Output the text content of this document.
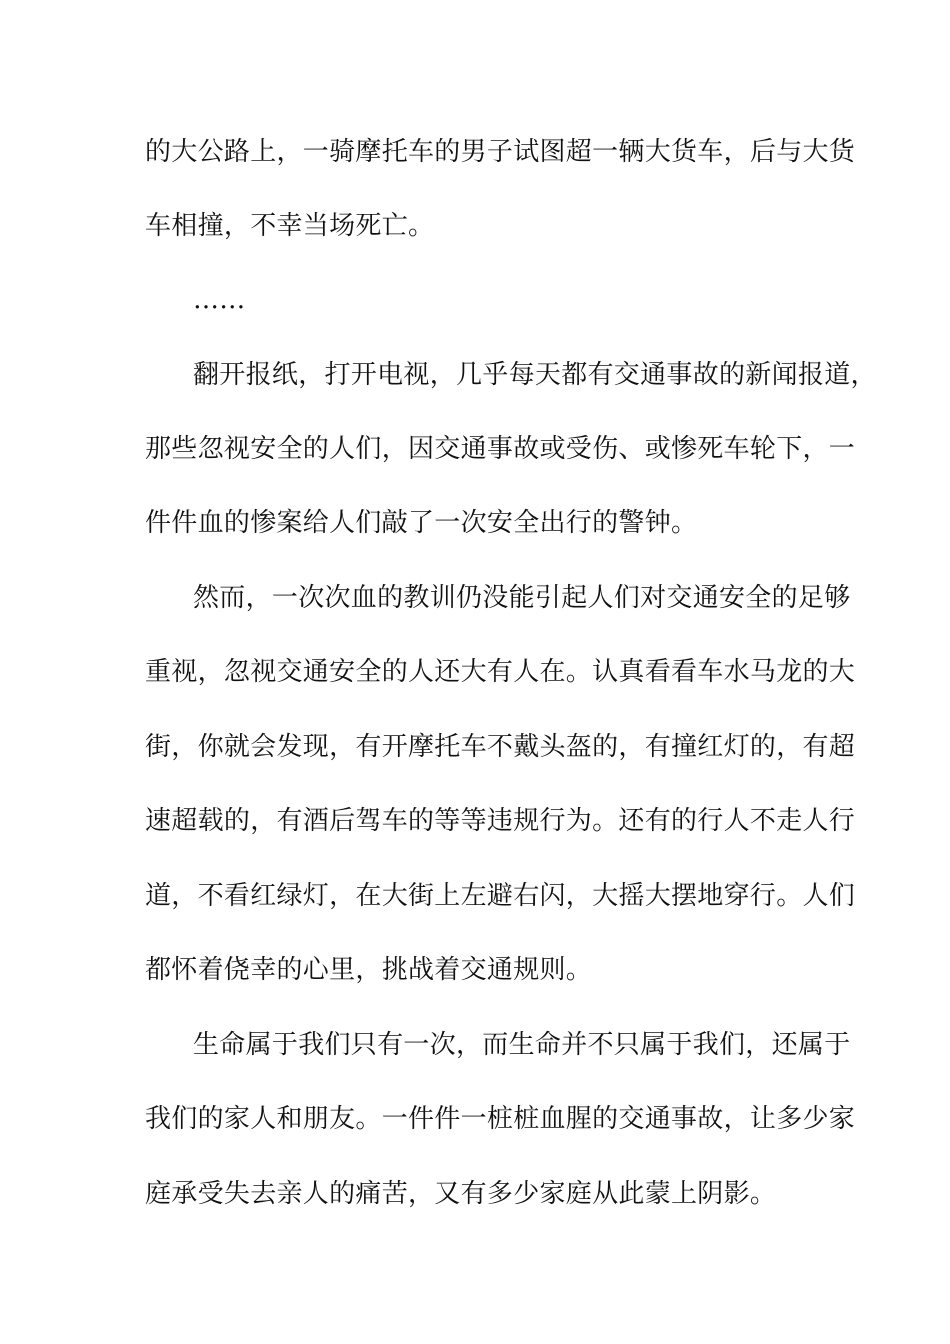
的大公路上，一骑摩托车的男子试图超一辆大货车，后与大货
车相撞，不幸当场死亡。
……
翻开报纸，打开电视，几乎每天都有交通事故的新闻报道，
那些忽视安全的人们，因交通事故或受伤、或惨死车轮下，一
件件血的惨案给人们敲了一次安全出行的警钟。
然而，一次次血的教训仍没能引起人们对交通安全的足够
重视，忽视交通安全的人还大有人在。认真看看车水马龙的大
街，你就会发现，有开摩托车不戴头盔的，有撞红灯的，有超
速超载的，有酒后驾车的等等违规行为。还有的行人不走人行
道，不看红绿灯，在大街上左避右闪，大摇大摆地穿行。人们
都怀着侥幸的心里，挑战着交通规则。
生命属于我们只有一次，而生命并不只属于我们，还属于
我们的家人和朋友。一件件一桩桩血腥的交通事故，让多少家
庭承受失去亲人的痛苦，又有多少家庭从此蒙上阴影。
